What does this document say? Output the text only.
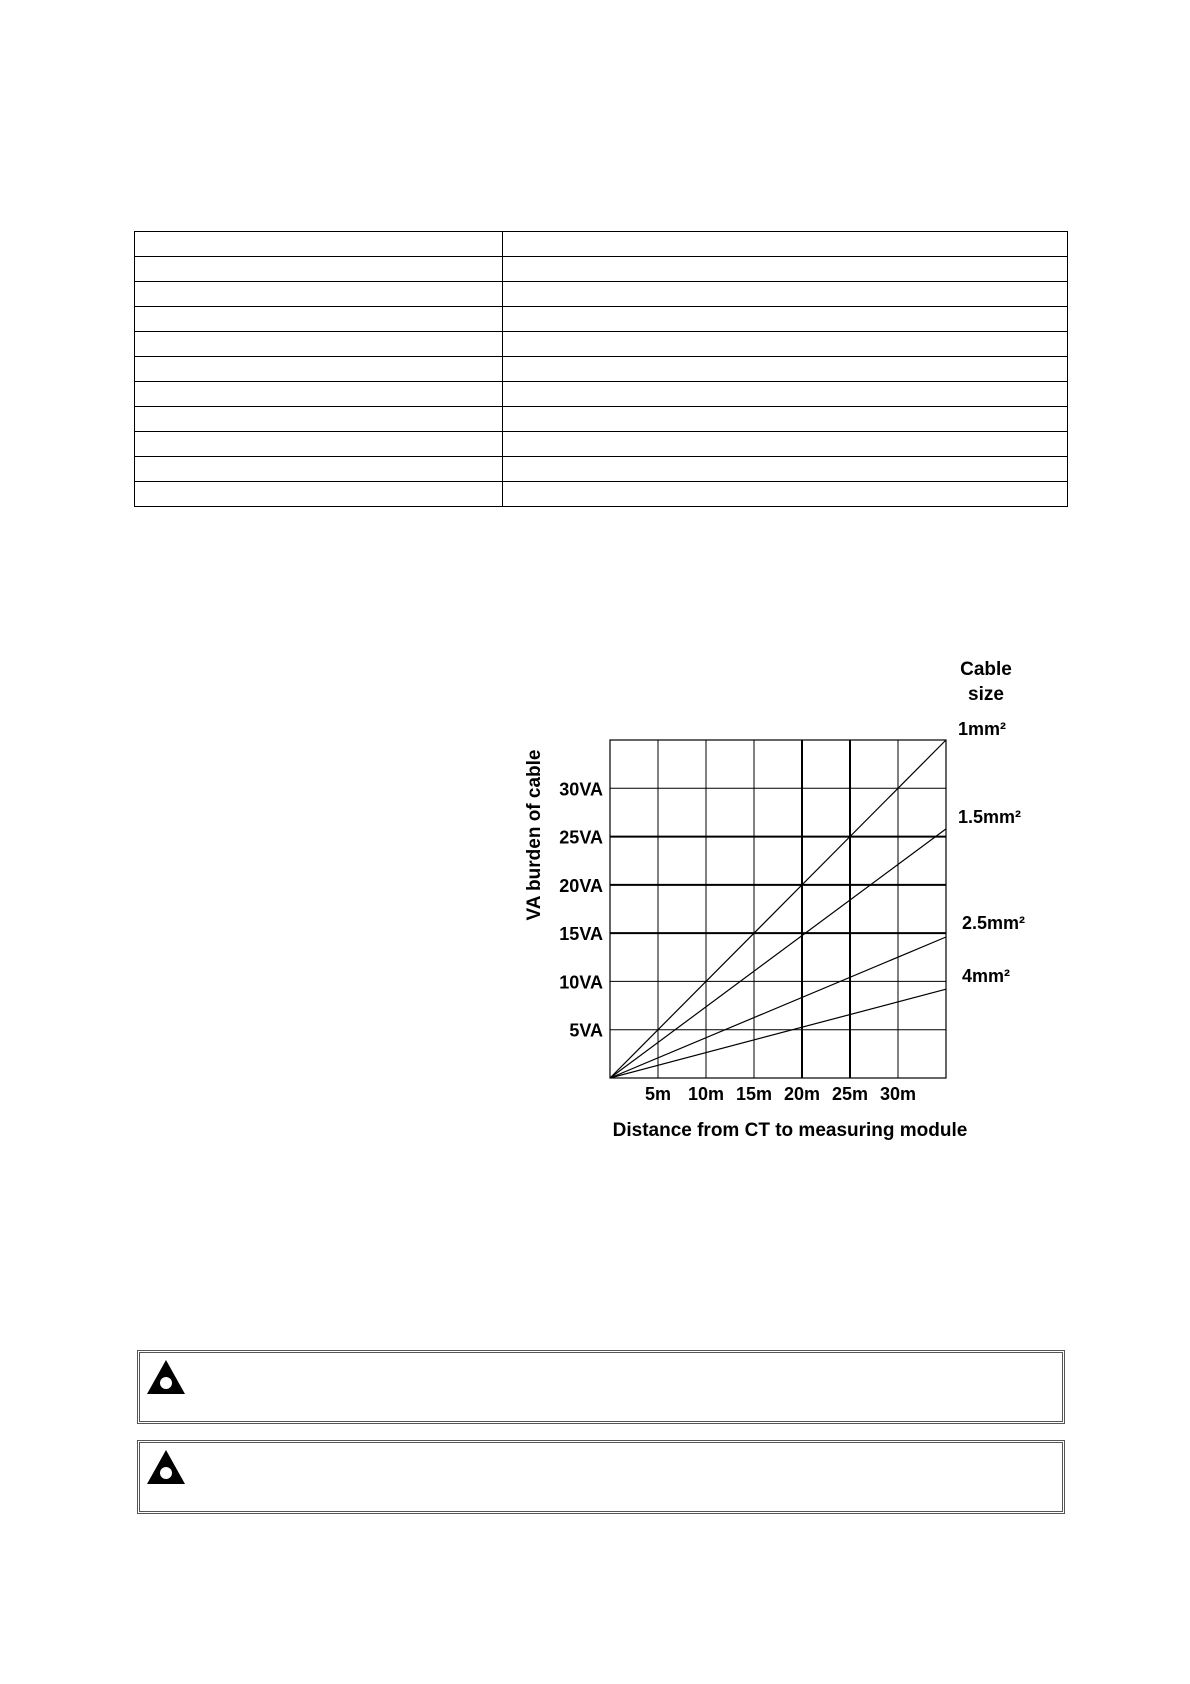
5VA
10VA
15VA
20VA
25VA
30VA
5m 10m 15m 20m 25m 30m
Cable
size
1mm²
1.5mm²
2.5mm²
4mm²
VA burden of cable
Distance from CT to measuring module
